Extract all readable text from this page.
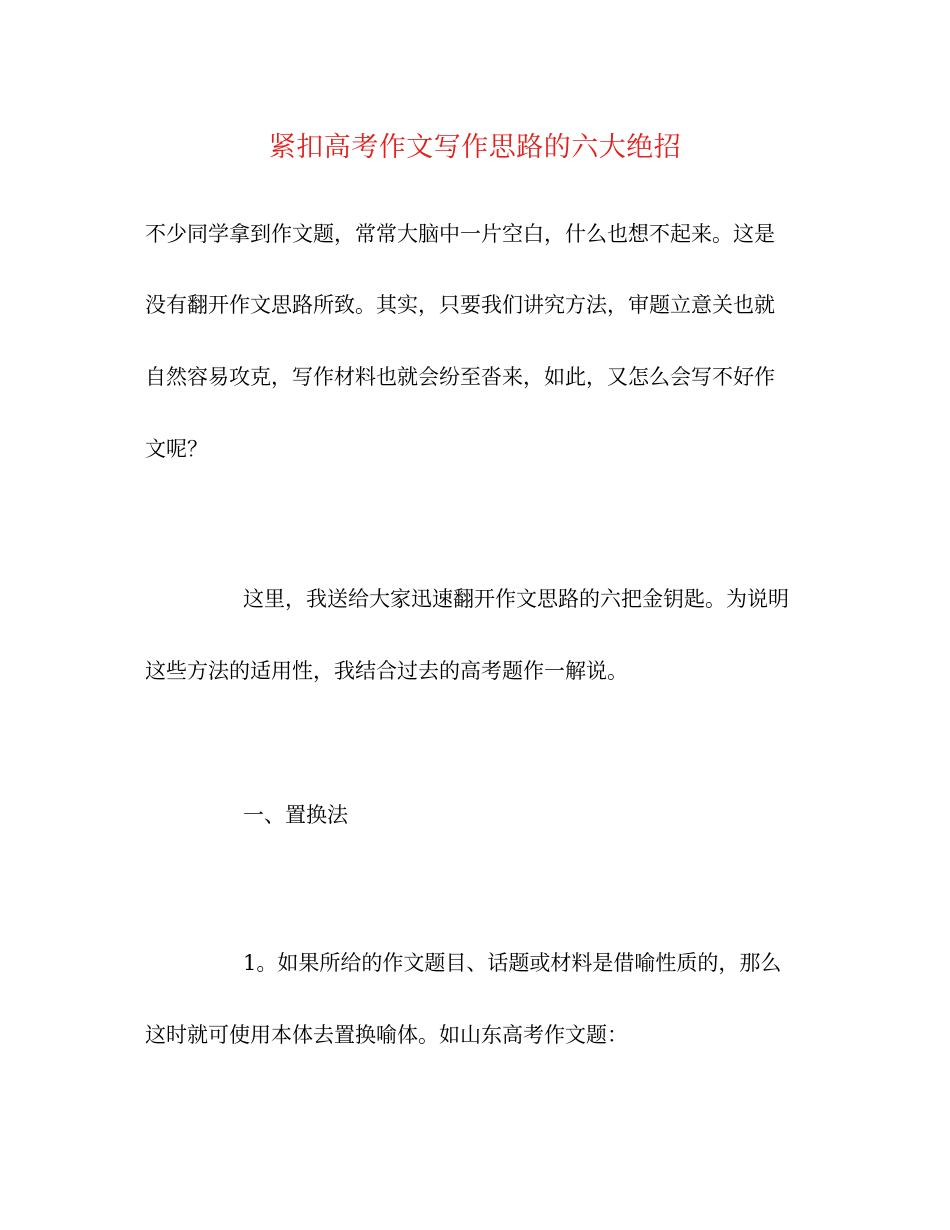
紧扣高考作文写作思路的六大绝招
不少同学拿到作文题，常常大脑中一片空白，什么也想不起来。这是
没有翻开作文思路所致。其实，只要我们讲究方法，审题立意关也就
自然容易攻克，写作材料也就会纷至沓来，如此，又怎么会写不好作
文呢？
这里，我送给大家迅速翻开作文思路的六把金钥匙。为说明
这些方法的适用性，我结合过去的高考题作一解说。
一、置换法
1。如果所给的作文题目、话题或材料是借喻性质的，那么
这时就可使用本体去置换喻体。如山东高考作文题：
